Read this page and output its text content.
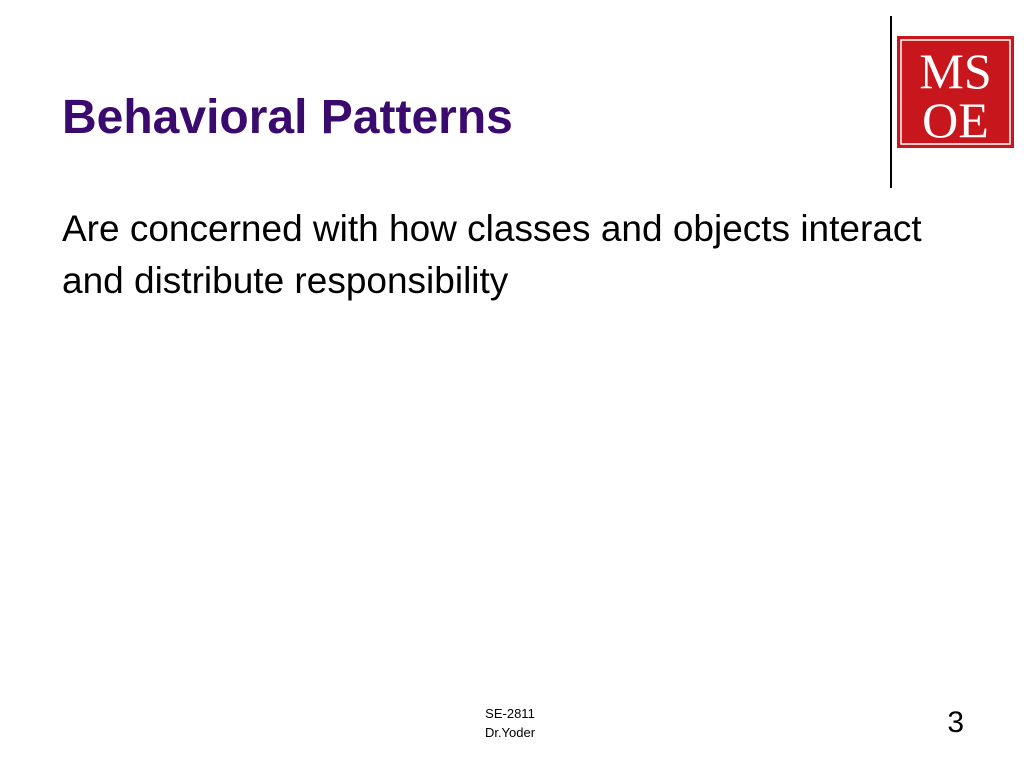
Behavioral Patterns
Are concerned with how classes and objects interact and distribute responsibility
MS
OE
SE-2811
Dr.Yoder	3
